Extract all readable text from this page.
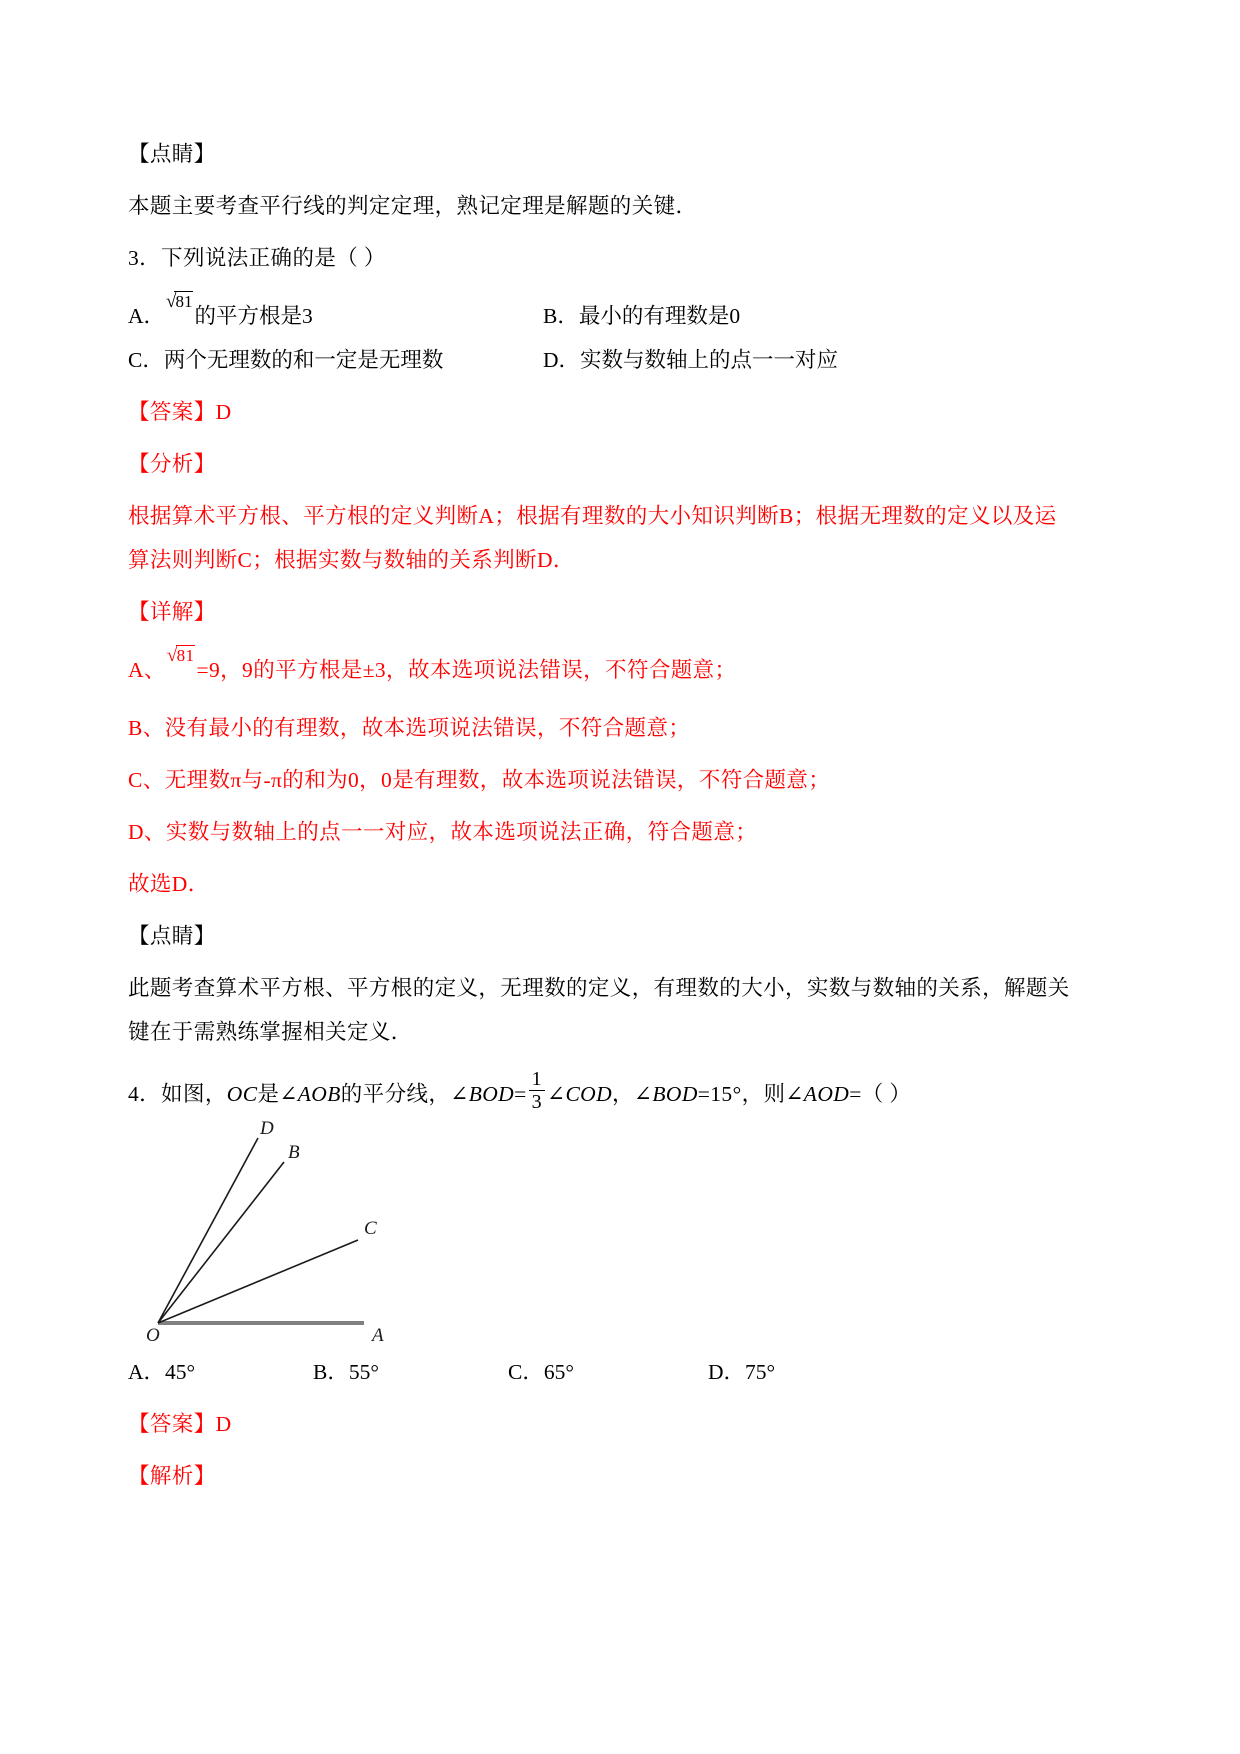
【点睛】
本题主要考查平行线的判定定理，熟记定理是解题的关键．
3．下列说法正确的是（ ）
A．√81的平方根是3	B．最小的有理数是0
C．两个无理数的和一定是无理数	D．实数与数轴上的点一一对应
【答案】D
【分析】
根据算术平方根、平方根的定义判断A；根据有理数的大小知识判断B；根据无理数的定义以及运
算法则判断C；根据实数与数轴的关系判断D．
【详解】
A、√81=9，9的平方根是±3，故本选项说法错误，不符合题意；
B、没有最小的有理数，故本选项说法错误，不符合题意；
C、无理数π与-π的和为0，0是有理数，故本选项说法错误，不符合题意；
D、实数与数轴上的点一一对应，故本选项说法正确，符合题意；
故选D．
【点睛】
此题考查算术平方根、平方根的定义，无理数的定义，有理数的大小，实数与数轴的关系，解题关
键在于需熟练掌握相关定义．
4．如图，OC是∠AOB的平分线，∠BOD= $\frac{1}{3}$ ∠COD，∠BOD=15°，则∠AOD=（ ）
O	A
C
B
D
A．45°	B．55°	C．65°	D．75°
【答案】D
【解析】
